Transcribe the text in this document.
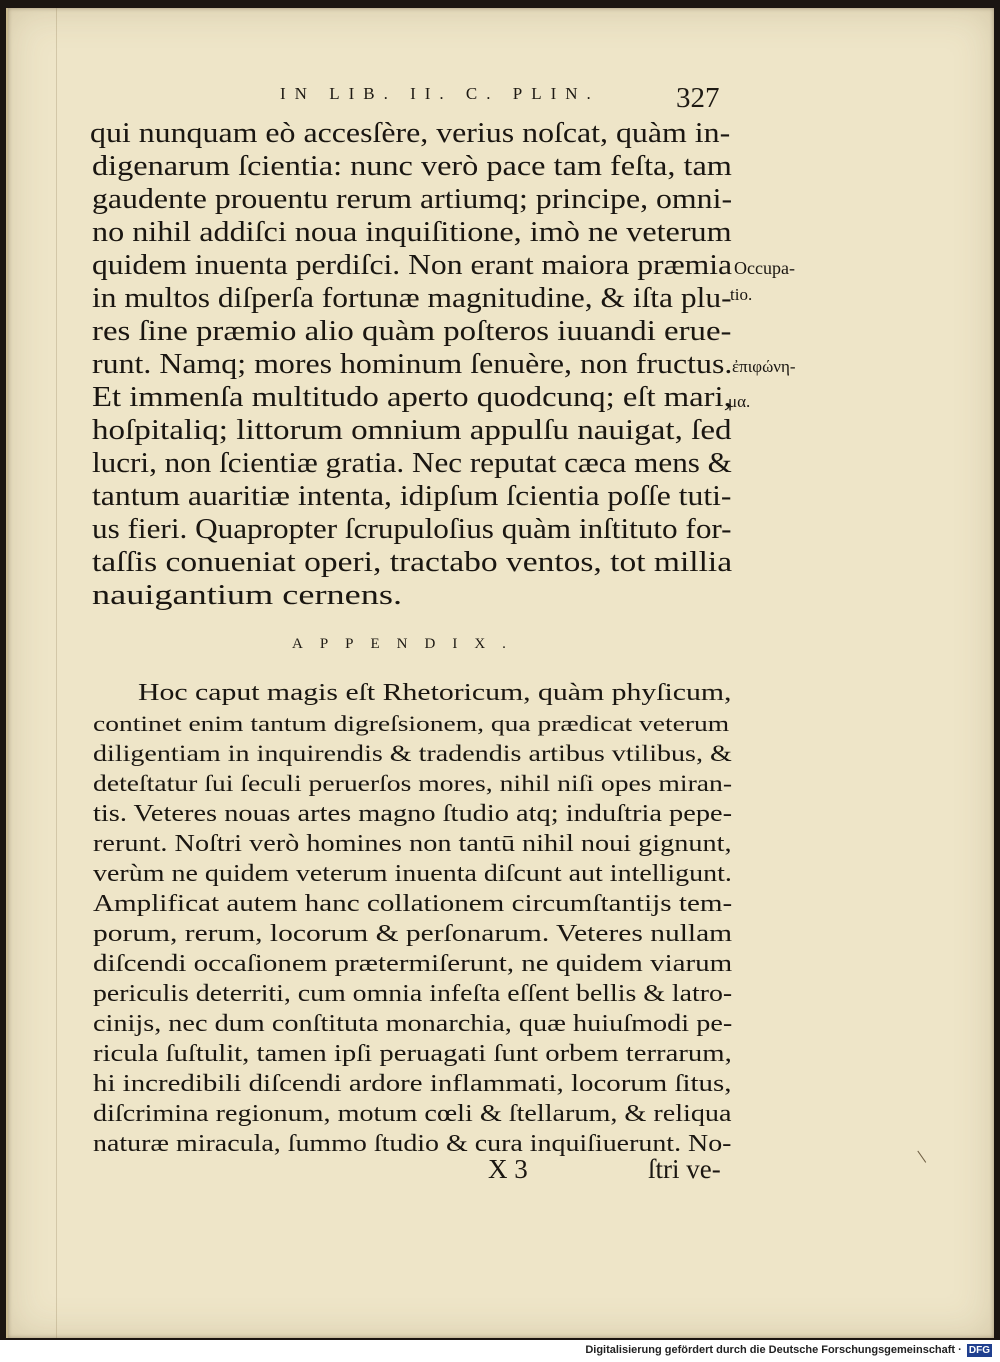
IN LIB. II. C. PLIN.	327
qui nunquam eò accesſère, verius noſcat, quàm in-
digenarum ſcientia: nunc verò pace tam feſta, tam
gaudente prouentu rerum artiumq; principe, omni-
no nihil addiſci noua inquiſitione, imò ne veterum
quidem inuenta perdiſci. Non erant maiora præmia
in multos diſperſa fortunæ magnitudine, & iſta plu-
res ſine præmio alio quàm poſteros iuuandi erue-
runt. Namq; mores hominum ſenuère, non fructus.
Et immenſa multitudo aperto quodcunq; eſt mari,
hoſpitaliq; littorum omnium appulſu nauigat, ſed
lucri, non ſcientiæ gratia. Nec reputat cæca mens &
tantum auaritiæ intenta, idipſum ſcientia poſſe tuti-
us fieri. Quapropter ſcrupuloſius quàm inſtituto for-
taſſis conueniat operi, tractabo ventos, tot millia
nauigantium cernens.
Occupa-
tio.
ἐπιφώνη-
μα.
APPENDIX.
Hoc caput magis eſt Rhetoricum, quàm phyſicum,
continet enim tantum digreſsionem, qua prædicat veterum
diligentiam in inquirendis & tradendis artibus vtilibus, &
deteſtatur ſui ſeculi peruerſos mores, nihil niſi opes miran-
tis. Veteres nouas artes magno ſtudio atq; induſtria pepe-
rerunt. Noſtri verò homines non tantū nihil noui gignunt,
verùm ne quidem veterum inuenta diſcunt aut intelligunt.
Amplificat autem hanc collationem circumſtantijs tem-
porum, rerum, locorum & perſonarum. Veteres nullam
diſcendi occaſionem prætermiſerunt, ne quidem viarum
periculis deterriti, cum omnia infeſta eſſent bellis & latro-
cinijs, nec dum conſtituta monarchia, quæ huiuſmodi pe-
ricula ſuſtulit, tamen ipſi peruagati ſunt orbem terrarum,
hi incredibili diſcendi ardore inflammati, locorum ſitus,
diſcrimina regionum, motum cœli & ſtellarum, & reliqua
naturæ miracula, ſummo ſtudio & cura inquiſiuerunt. No-
X 3	ſtri ve-
Digitalisierung gefördert durch die Deutsche Forschungsgemeinschaft · DFG
